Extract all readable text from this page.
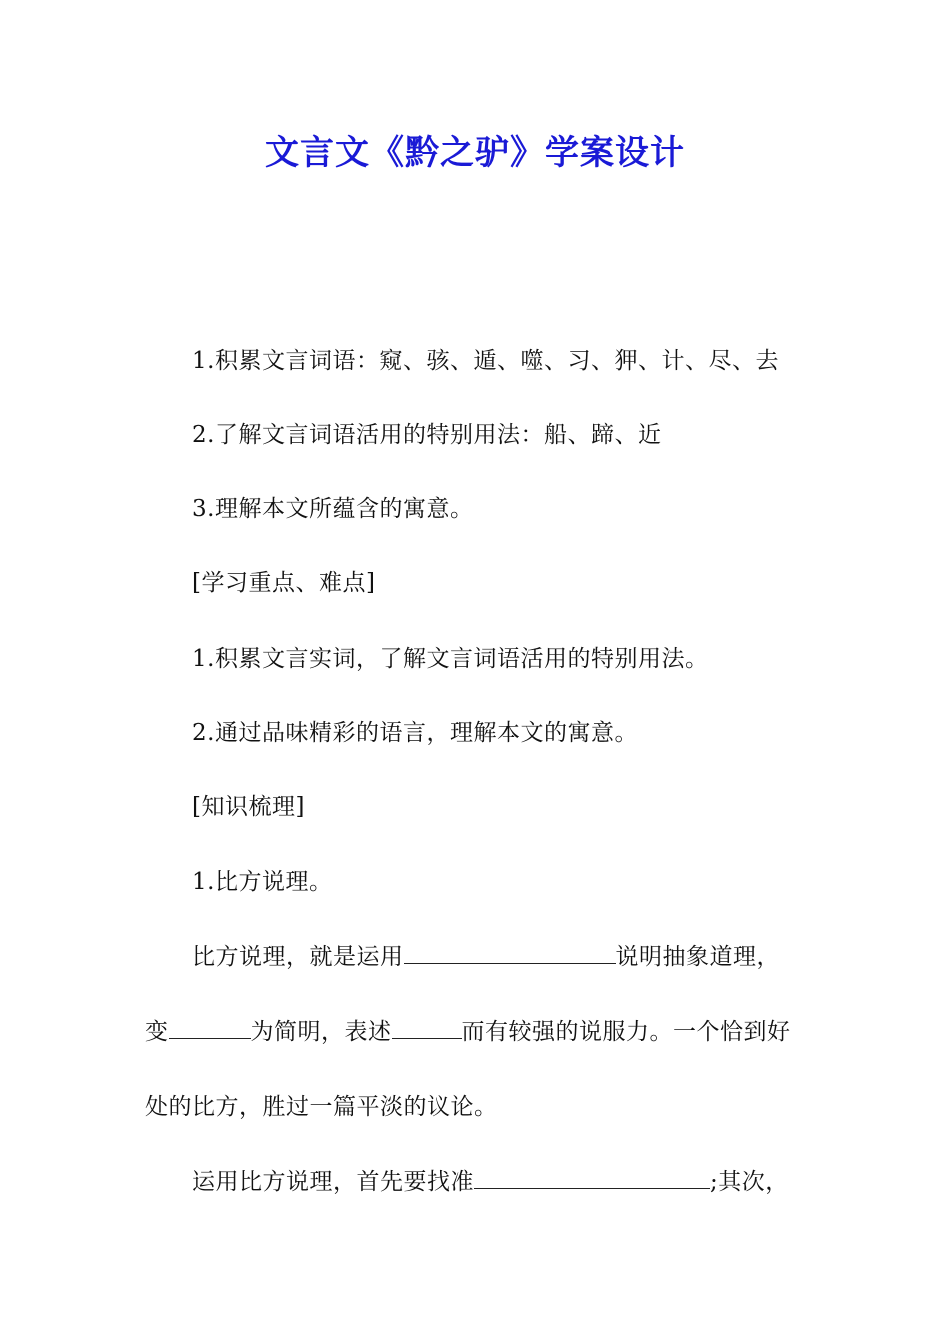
文言文《黔之驴》学案设计
1.积累文言词语：窥、骇、遁、噬、习、狎、计、尽、去
2.了解文言词语活用的特别用法：船、蹄、近
3.理解本文所蕴含的寓意。
[学习重点、难点]
1.积累文言实词，了解文言词语活用的特别用法。
2.通过品味精彩的语言，理解本文的寓意。
[知识梳理]
1.比方说理。
比方说理，就是运用	说明抽象道理，
变	为简明，表述	而有较强的说服力。一个恰到好
处的比方，胜过一篇平淡的议论。
运用比方说理，首先要找准	;其次，
